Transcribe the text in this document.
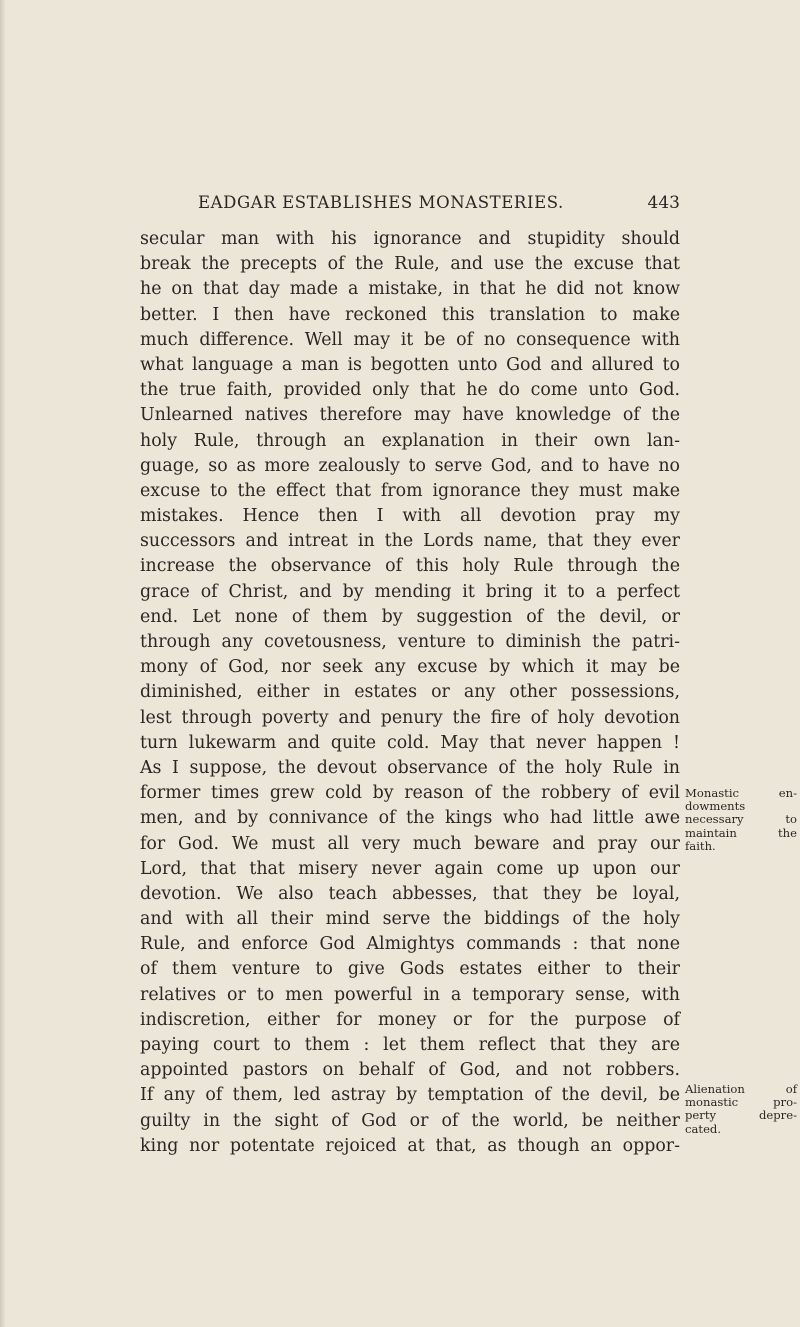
EADGAR ESTABLISHES MONASTERIES.	443
secular man with his ignorance and stupidity should
break the precepts of the Rule, and use the excuse that
he on that day made a mistake, in that he did not know
better. I then have reckoned this translation to make
much difference. Well may it be of no consequence with
what language a man is begotten unto God and allured to
the true faith, provided only that he do come unto God.
Unlearned natives therefore may have knowledge of the
holy Rule, through an explanation in their own lan-
guage, so as more zealously to serve God, and to have no
excuse to the effect that from ignorance they must make
mistakes. Hence then I with all devotion pray my
successors and intreat in the Lords name, that they ever
increase the observance of this holy Rule through the
grace of Christ, and by mending it bring it to a perfect
end. Let none of them by suggestion of the devil, or
through any covetousness, venture to diminish the patri-
mony of God, nor seek any excuse by which it may be
diminished, either in estates or any other possessions,
lest through poverty and penury the fire of holy devotion
turn lukewarm and quite cold. May that never happen !
As I suppose, the devout observance of the holy Rule in
former times grew cold by reason of the robbery of evil
men, and by connivance of the kings who had little awe
for God. We must all very much beware and pray our
Lord, that that misery never again come up upon our
devotion. We also teach abbesses, that they be loyal,
and with all their mind serve the biddings of the holy
Rule, and enforce God Almightys commands : that none
of them venture to give Gods estates either to their
relatives or to men powerful in a temporary sense, with
indiscretion, either for money or for the purpose of
paying court to them : let them reflect that they are
appointed pastors on behalf of God, and not robbers.
If any of them, led astray by temptation of the devil, be
guilty in the sight of God or of the world, be neither
king nor potentate rejoiced at that, as though an oppor-
Monastic en-
dowments
necessary to
maintain the
faith.
Alienation of
monastic pro-
perty depre-
cated.
